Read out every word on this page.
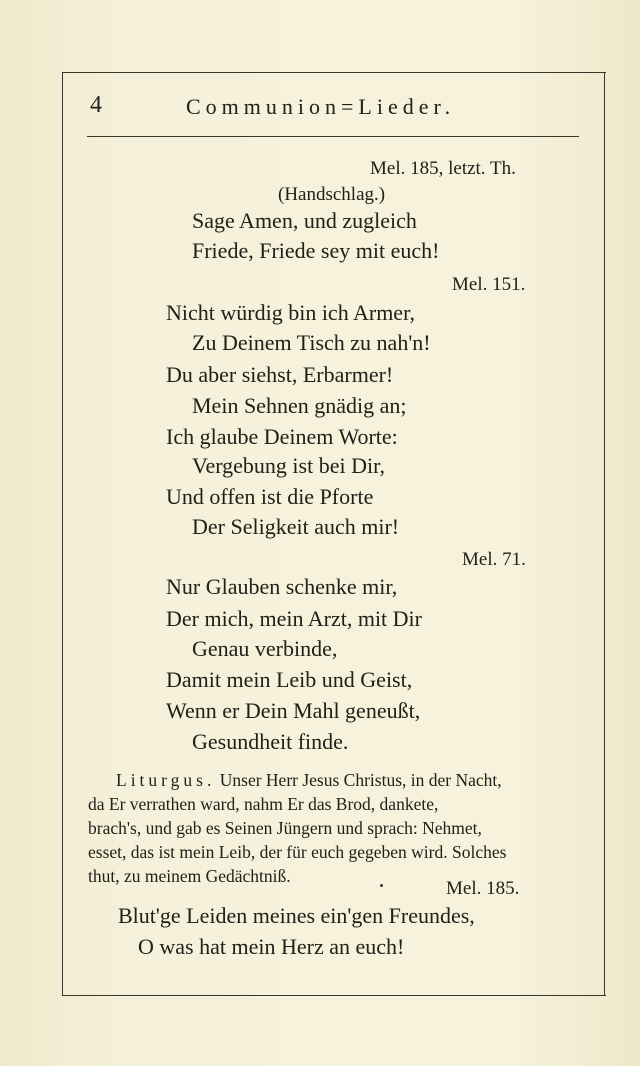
4	Communion=Lieder.
Mel. 185, letzt. Th.
(Handschlag.)
Sage Amen, und zugleich
Friede, Friede sey mit euch!
Mel. 151.
Nicht würdig bin ich Armer,
Zu Deinem Tisch zu nah'n!
Du aber siehst, Erbarmer!
Mein Sehnen gnädig an;
Ich glaube Deinem Worte:
Vergebung ist bei Dir,
Und offen ist die Pforte
Der Seligkeit auch mir!
Mel. 71.
Nur Glauben schenke mir,
Der mich, mein Arzt, mit Dir
Genau verbinde,
Damit mein Leib und Geist,
Wenn er Dein Mahl geneußt,
Gesundheit finde.
Liturgus. Unser Herr Jesus Christus, in der Nacht,
da Er verrathen ward, nahm Er das Brod, dankete,
brach's, und gab es Seinen Jüngern und sprach: Nehmet,
esset, das ist mein Leib, der für euch gegeben wird. Solches
thut, zu meinem Gedächtniß.
Mel. 185.
Blut'ge Leiden meines ein'gen Freundes,
O was hat mein Herz an euch!
